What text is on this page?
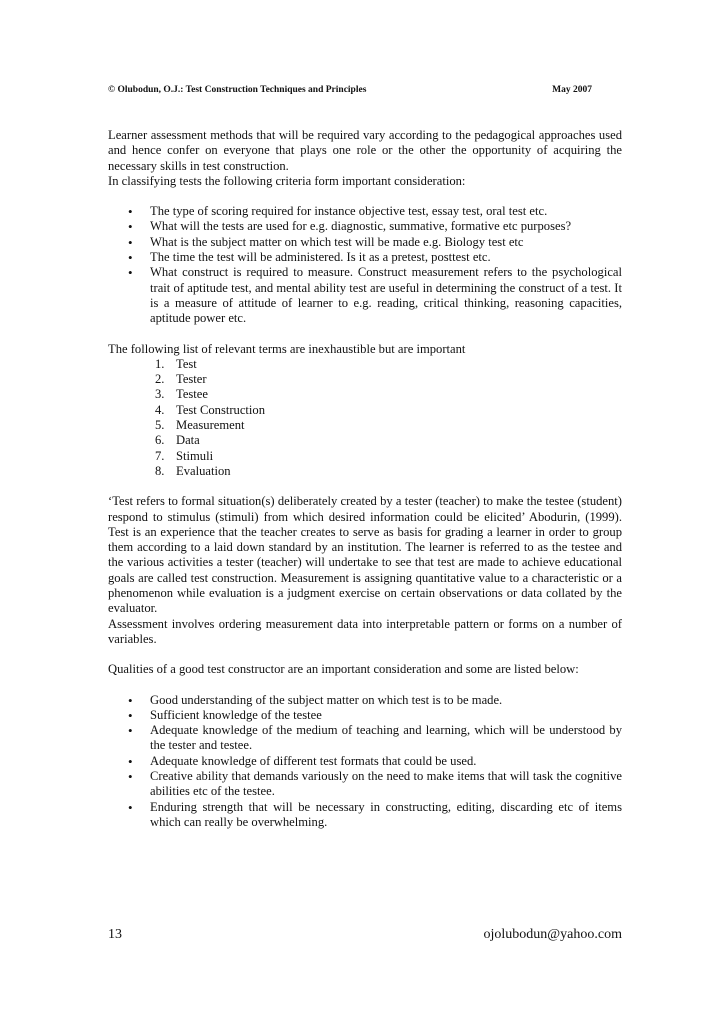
© Olubodun, O.J.: Test Construction Techniques and Principles	May 2007

Learner assessment methods that will be required vary according to the pedagogical approaches used and hence confer on everyone that plays one role or the other the opportunity of acquiring the necessary skills in test construction.

In classifying tests the following criteria form important consideration:

•
The type of scoring required for instance objective test, essay test, oral test etc.
•
What will the tests are used for e.g. diagnostic, summative, formative etc purposes?
•
What is the subject matter on which test will be made e.g. Biology test etc
•
The time the test will be administered. Is it as a pretest, posttest etc.
•
What construct is required to measure. Construct measurement refers to the psychological trait of aptitude test, and mental ability test are useful in determining the construct of a test. It is a measure of attitude of learner to e.g. reading, critical thinking, reasoning capacities, aptitude power etc.

The following list of relevant terms are inexhaustible but are important

1. Test
2. Tester
3. Testee
4. Test Construction
5. Measurement
6. Data
7. Stimuli
8. Evaluation

‘Test refers to formal situation(s) deliberately created by a tester (teacher) to make the testee (student) respond to stimulus (stimuli) from which desired information could be elicited’ Abodurin, (1999). Test is an experience that the teacher creates to serve as basis for grading a learner in order to group them according to a laid down standard by an institution. The learner is referred to as the testee and the various activities a tester (teacher) will undertake to see that test are made to achieve educational goals are called test construction. Measurement is assigning quantitative value to a characteristic or a phenomenon while evaluation is a judgment exercise on certain observations or data collated by the evaluator.

Assessment involves ordering measurement data into interpretable pattern or forms on a number of variables.

Qualities of a good test constructor are an important consideration and some are listed below:

•
Good understanding of the subject matter on which test is to be made.
•
Sufficient knowledge of the testee
•
Adequate knowledge of the medium of teaching and learning, which will be understood by the tester and testee.
•
Adequate knowledge of different test formats that could be used.
•
Creative ability that demands variously on the need to make items that will task the cognitive abilities etc of the testee.
•
Enduring strength that will be necessary in constructing, editing, discarding etc of items which can really be overwhelming.
13	ojolubodun@yahoo.com
